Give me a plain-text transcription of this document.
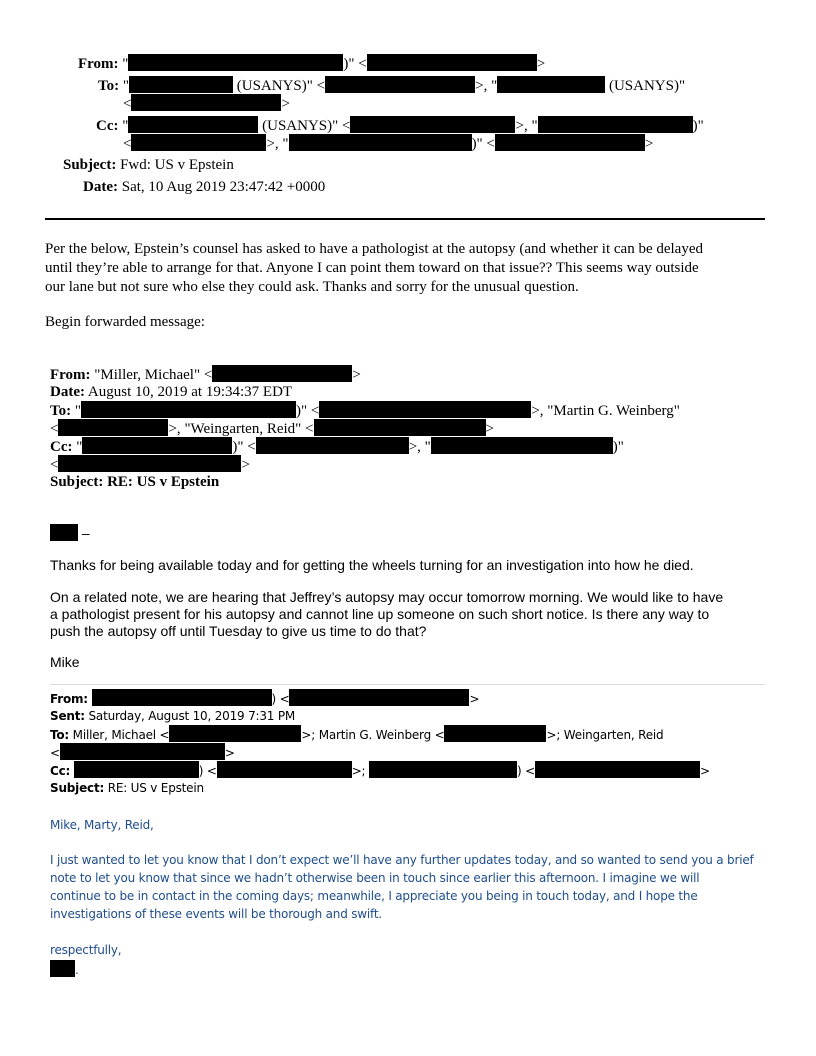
From: "	)" <	>
To: "	(USANYS)" <	>, "	(USANYS)"
<	>
Cc: "	(USANYS)" <	>, "	)"
<	>, "	)" <	>
Subject: Fwd: US v Epstein
Date: Sat, 10 Aug 2019 23:47:42 +0000
Per the below, Epstein’s counsel has asked to have a pathologist at the autopsy (and whether it can be delayed
until they’re able to arrange for that. Anyone I can point them toward on that issue?? This seems way outside
our lane but not sure who else they could ask. Thanks and sorry for the unusual question.
Begin forwarded message:
From: "Miller, Michael" <	>
Date: August 10, 2019 at 19:34:37 EDT
To: "	)" <	>, "Martin G. Weinberg"
<	>, "Weingarten, Reid" <	>
Cc: "	)" <	>, "	)"
<	>
Subject: RE: US v Epstein
–
Thanks for being available today and for getting the wheels turning for an investigation into how he died.
On a related note, we are hearing that Jeffrey’s autopsy may occur tomorrow morning. We would like to have
a pathologist present for his autopsy and cannot line up someone on such short notice. Is there any way to
push the autopsy off until Tuesday to give us time to do that?
Mike
From:	) <	>
Sent: Saturday, August 10, 2019 7:31 PM
To: Miller, Michael <	>; Martin G. Weinberg <	>; Weingarten, Reid
<	>
Cc:	) <	>;	) <	>
Subject: RE: US v Epstein
Mike, Marty, Reid,
I just wanted to let you know that I don’t expect we’ll have any further updates today, and so wanted to send you a brief
note to let you know that since we hadn’t otherwise been in touch since earlier this afternoon. I imagine we will
continue to be in contact in the coming days; meanwhile, I appreciate you being in touch today, and I hope the
investigations of these events will be thorough and swift.
respectfully,
.
